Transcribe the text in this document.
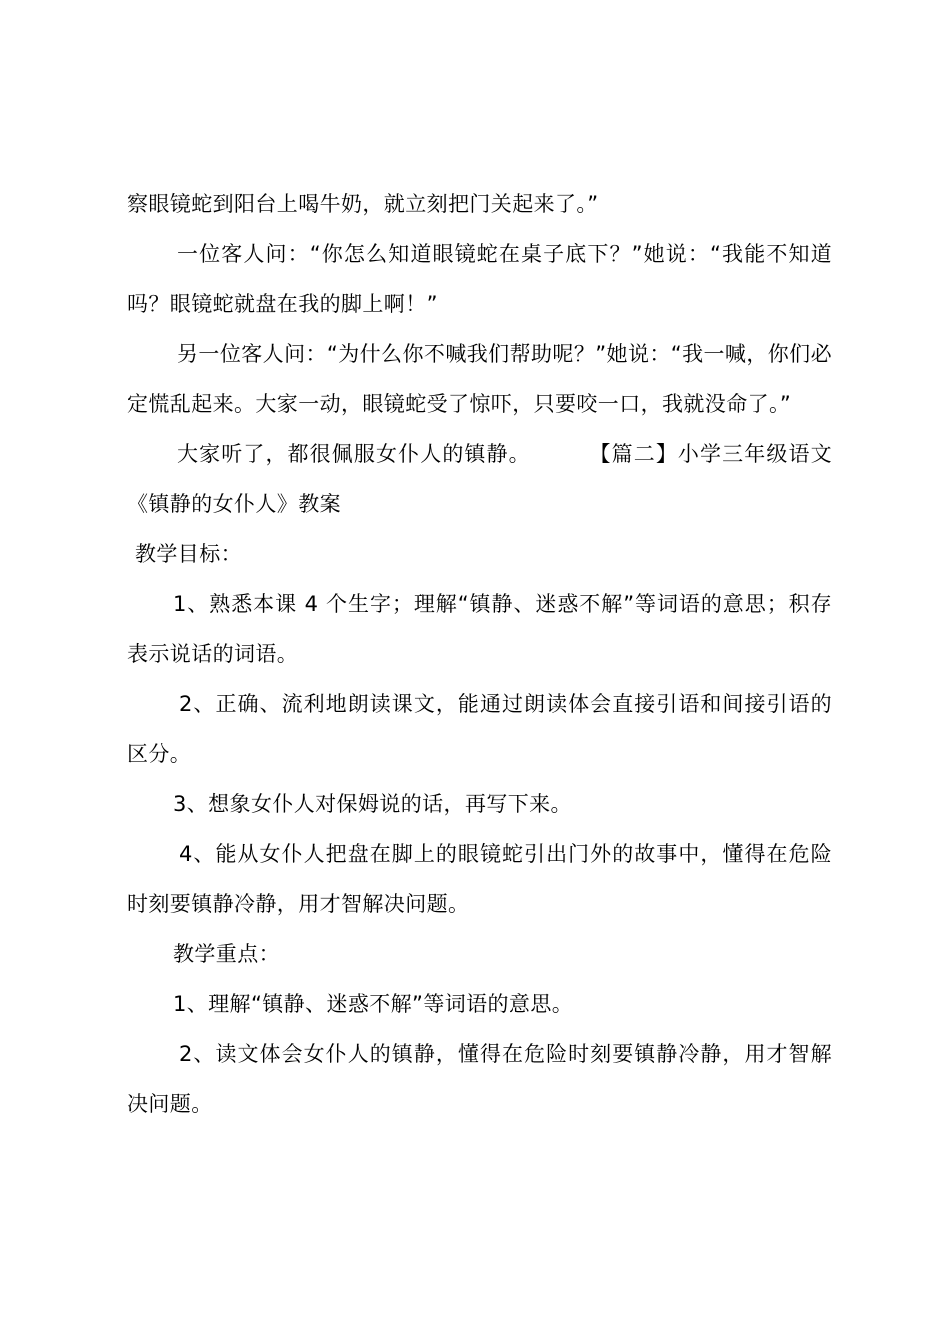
察眼镜蛇到阳台上喝牛奶，就立刻把门关起来了。”

一位客人问：“你怎么知道眼镜蛇在桌子底下？”她说：“我能不知道吗？眼镜蛇就盘在我的脚上啊！”

另一位客人问：“为什么你不喊我们帮助呢？”她说：“我一喊，你们必定慌乱起来。大家一动，眼镜蛇受了惊吓，只要咬一口，我就没命了。”

大家听了，都很佩服女仆人的镇静。	【篇二】小学三年级语文《镇静的女仆人》教案

教学目标：

1、熟悉本课 4 个生字；理解“镇静、迷惑不解”等词语的意思；积存表示说话的词语。

2、正确、流利地朗读课文，能通过朗读体会直接引语和间接引语的区分。

3、想象女仆人对保姆说的话，再写下来。

4、能从女仆人把盘在脚上的眼镜蛇引出门外的故事中，懂得在危险时刻要镇静冷静，用才智解决问题。

教学重点：

1、理解“镇静、迷惑不解”等词语的意思。

2、读文体会女仆人的镇静，懂得在危险时刻要镇静冷静，用才智解决问题。
